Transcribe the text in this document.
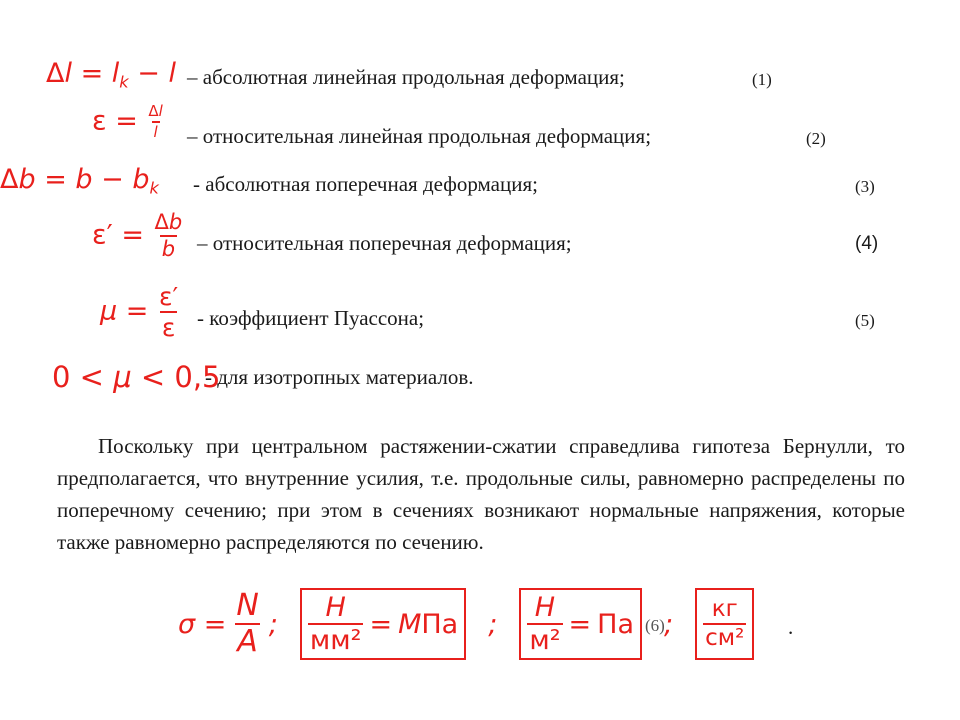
$\Delta l = l_k - l$ – абсолютная линейная продольная деформация;	(1)
$\varepsilon = \frac{\Delta l}{l}$ – относительная линейная продольная деформация;	(2)
$\Delta b = b - b_k$ - абсолютная поперечная деформация;	(3)
$\varepsilon' = \frac{\Delta b}{b}$ – относительная поперечная деформация;	(4)
$\mu = \frac{\varepsilon'}{\varepsilon}$ - коэффициент Пуассона;	(5)
0 < μ < 0,5
- для изотропных материалов.
Поскольку при центральном растяжении-сжатии справедлива гипотеза Бернулли, то предполагается, что внутренние усилия, т.е. продольные силы, равномерно распределены по поперечному сечению; при этом в сечениях возникают нормальные напряжения, которые также равномерно распределяются по сечению.
$\sigma = \frac{N}{A}$ ; $\frac{Н}{\text{мм²}}$ = МПа ; $\frac{Н}{\text{м²}}$ = Па ; $\frac{кг}{\text{см²}}$
(6)	.
